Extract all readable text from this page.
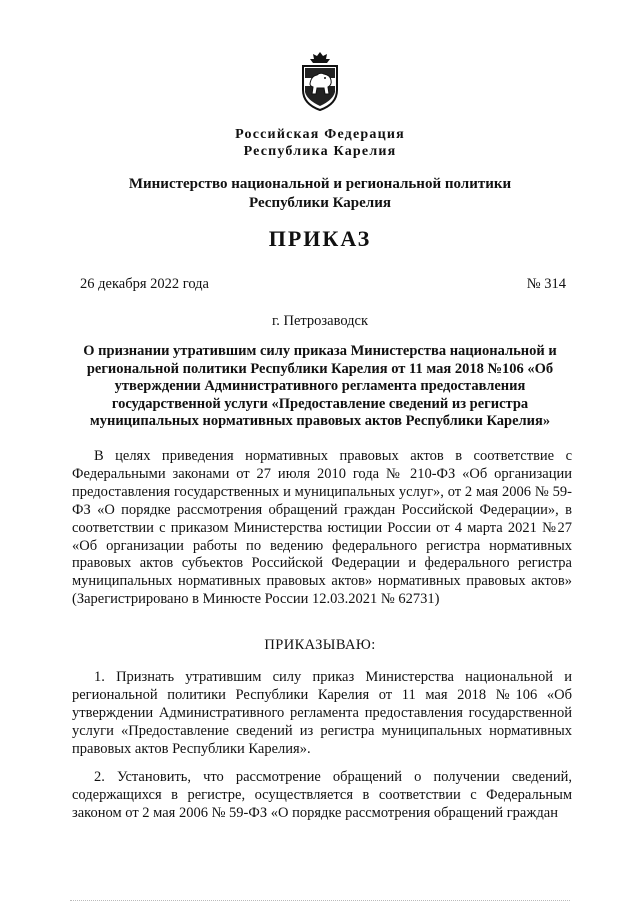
Российская Федерация
Республика Карелия
Министерство национальной и региональной политики
Республики Карелия
ПРИКАЗ
26 декабря 2022 года	№ 314
г. Петрозаводск
О признании утратившим силу приказа Министерства национальной и региональной политики Республики Карелия от 11 мая 2018 №106 «Об утверждении Административного регламента предоставления государственной услуги «Предоставление сведений из регистра муниципальных нормативных правовых актов Республики Карелия»
В целях приведения нормативных правовых актов в соответствие с Федеральными законами от 27 июля 2010 года № 210-ФЗ «Об организации предоставления государственных и муниципальных услуг», от 2 мая 2006 № 59-ФЗ «О порядке рассмотрения обращений граждан Российской Федерации», в соответствии с приказом Министерства юстиции России от 4 марта 2021 №27 «Об организации работы по ведению федерального регистра нормативных правовых актов субъектов Российской Федерации и федерального регистра муниципальных нормативных правовых актов» нормативных правовых актов» (Зарегистрировано в Минюсте России 12.03.2021 № 62731)
ПРИКАЗЫВАЮ:
1. Признать утратившим силу приказ Министерства национальной и региональной политики Республики Карелия от 11 мая 2018 №106 «Об утверждении Административного регламента предоставления государственной услуги «Предоставление сведений из регистра муниципальных нормативных правовых актов Республики Карелия».
2. Установить, что рассмотрение обращений о получении сведений, содержащихся в регистре, осуществляется в соответствии с Федеральным законом от 2 мая 2006 № 59-ФЗ «О порядке рассмотрения обращений граждан
